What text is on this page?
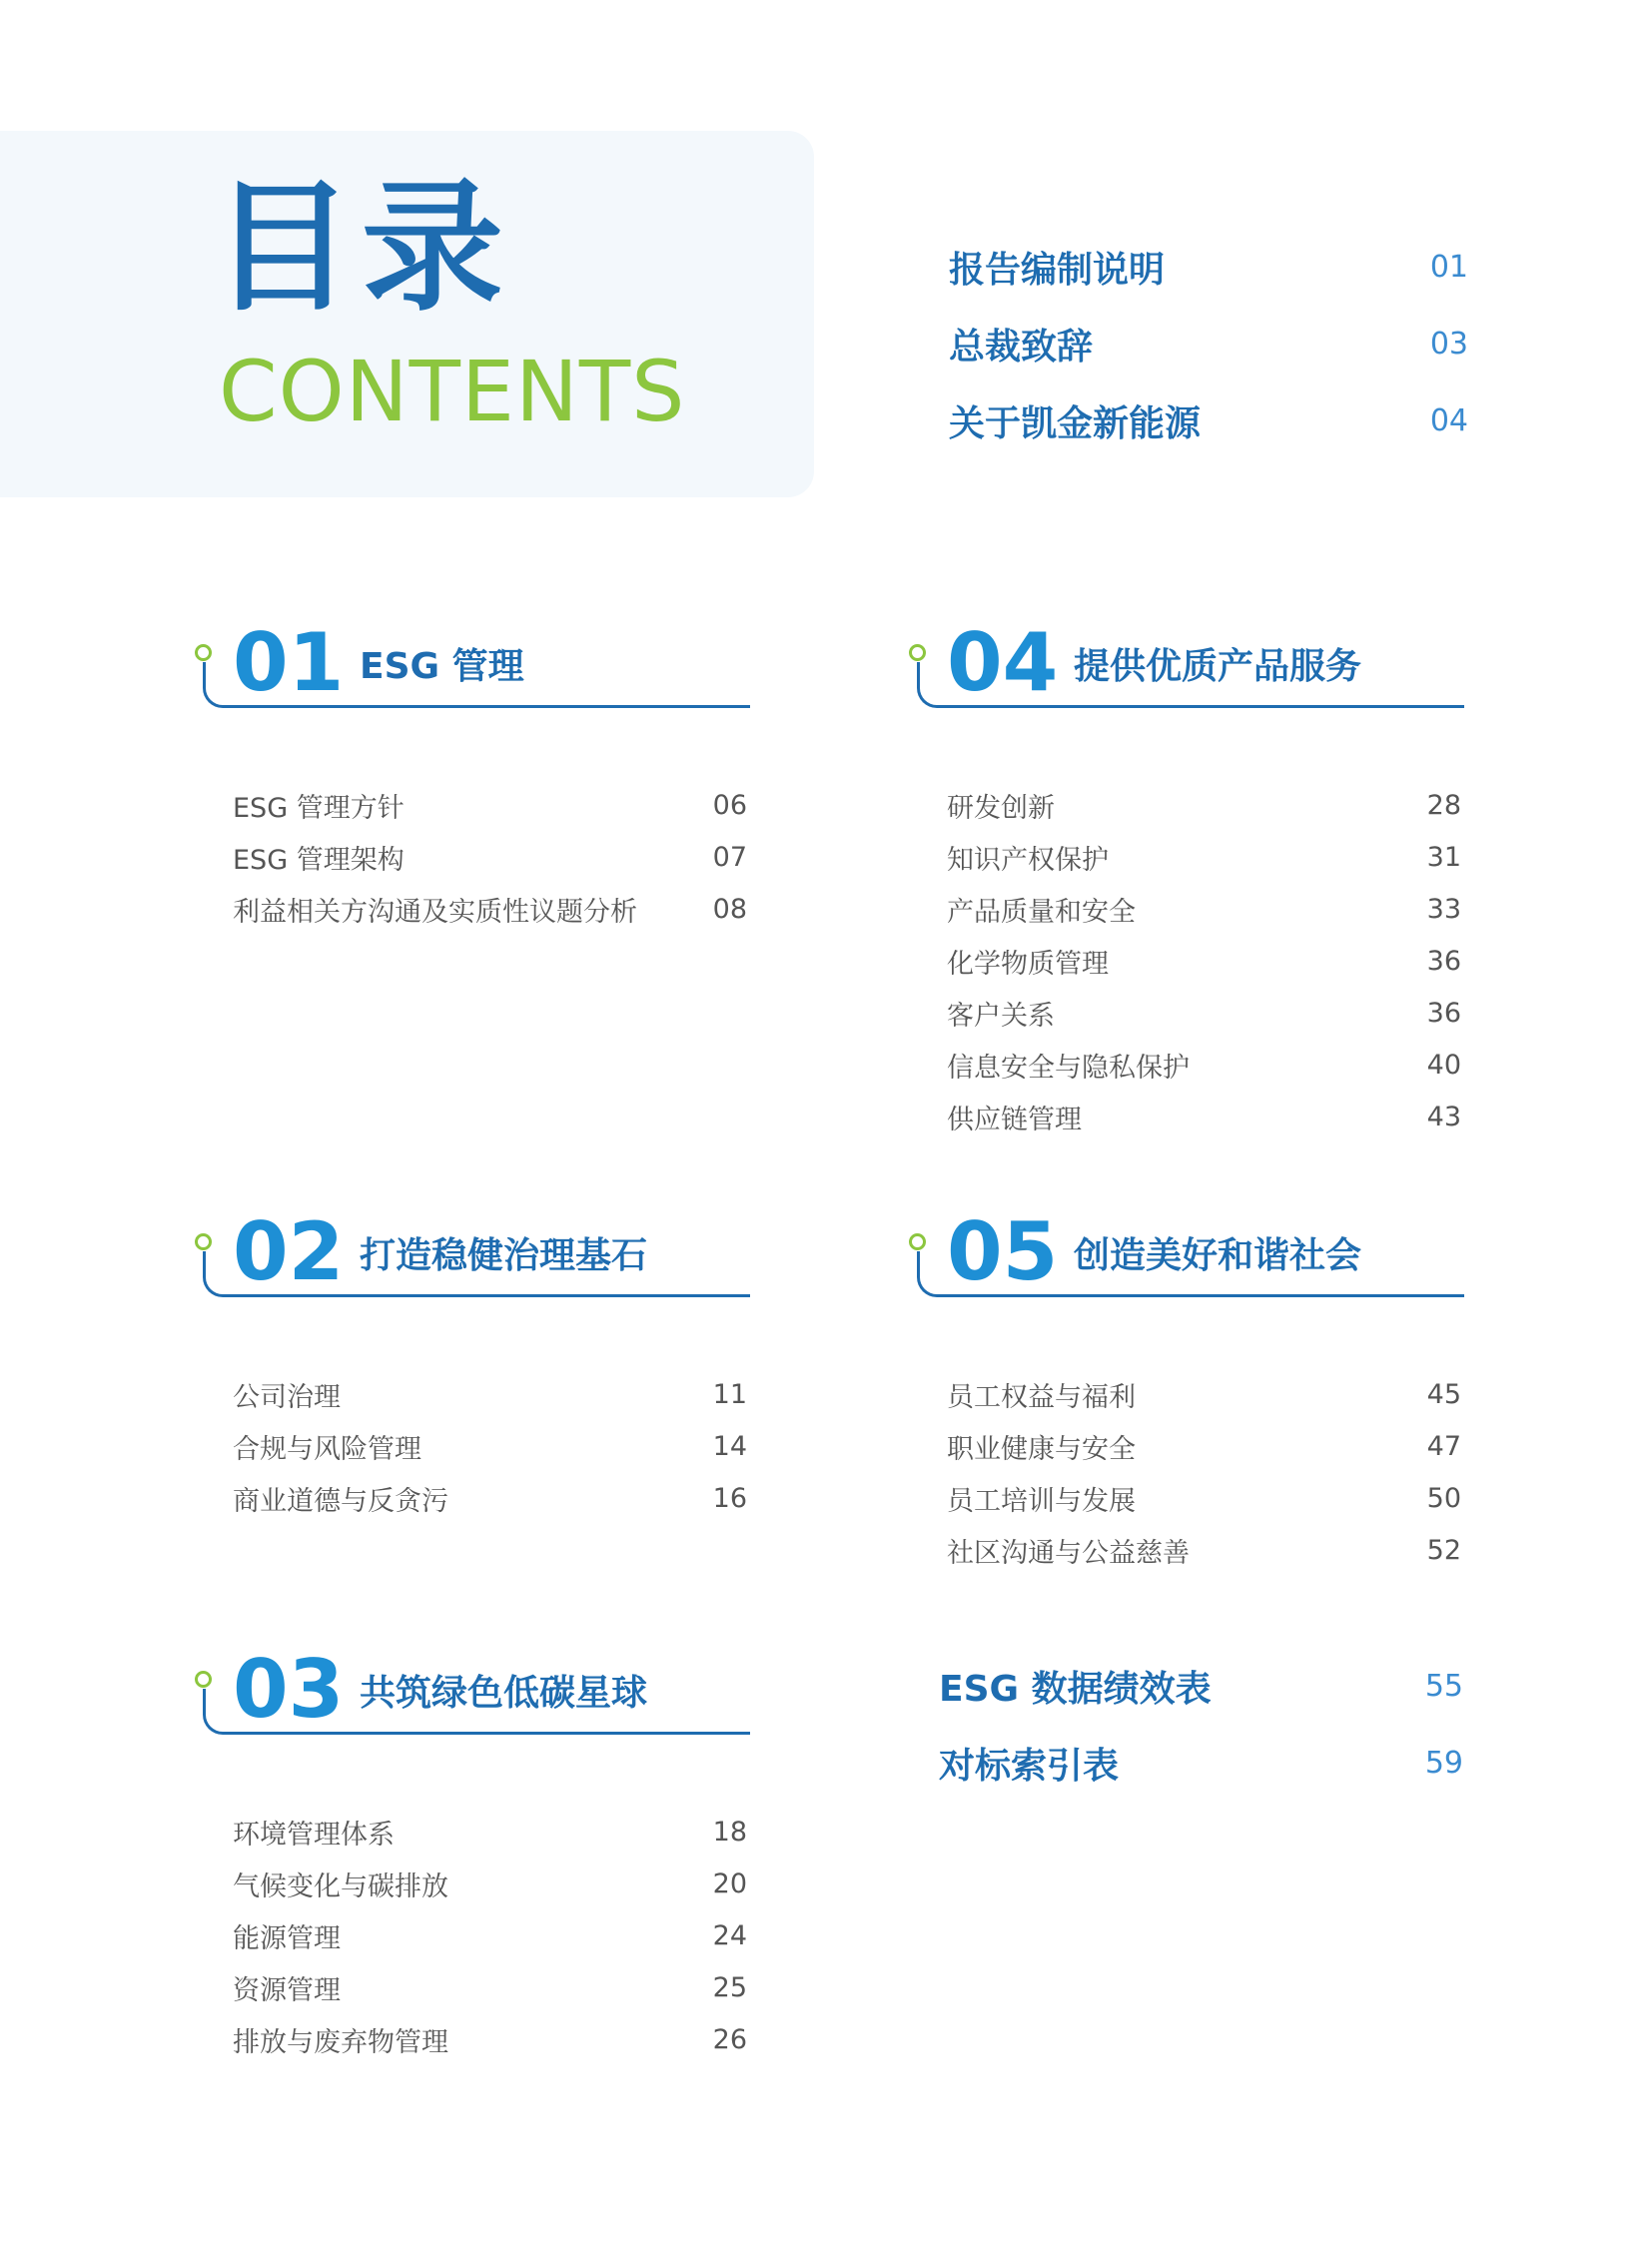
目录
CONTENTS
报告编制说明	01
总裁致辞	03
关于凯金新能源	04
01 ESG 管理
ESG 管理方针	06
ESG 管理架构	07
利益相关方沟通及实质性议题分析	08
02 打造稳健治理基石
公司治理	11
合规与风险管理	14
商业道德与反贪污	16
03 共筑绿色低碳星球
环境管理体系	18
气候变化与碳排放	20
能源管理	24
资源管理	25
排放与废弃物管理	26
04 提供优质产品服务
研发创新	28
知识产权保护	31
产品质量和安全	33
化学物质管理	36
客户关系	36
信息安全与隐私保护	40
供应链管理	43
05 创造美好和谐社会
员工权益与福利	45
职业健康与安全	47
员工培训与发展	50
社区沟通与公益慈善	52
ESG 数据绩效表	55
对标索引表	59
